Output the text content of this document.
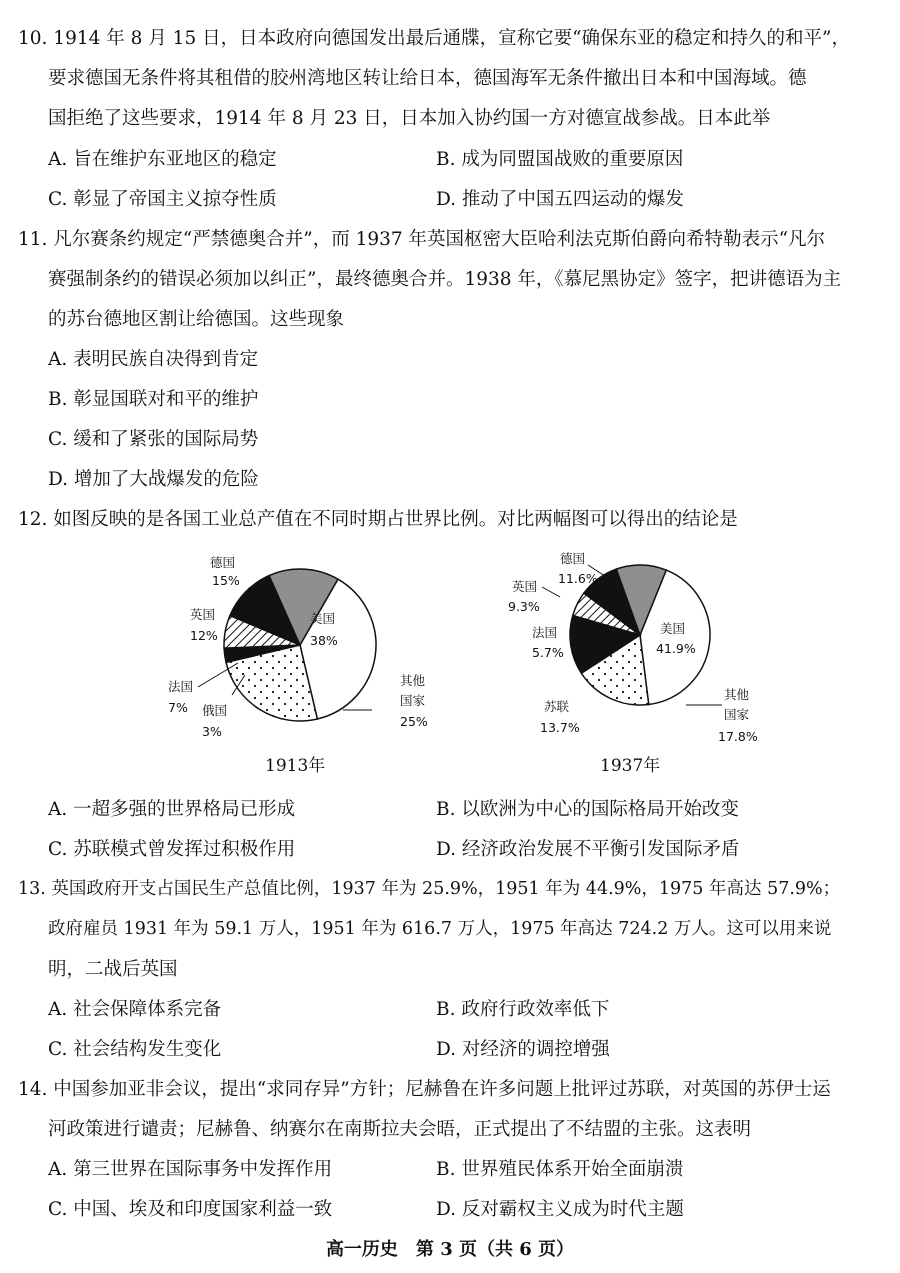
10. 1914 年 8 月 15 日，日本政府向德国发出最后通牒，宣称它要“确保东亚的稳定和持久的和平”，
要求德国无条件将其租借的胶州湾地区转让给日本，德国海军无条件撤出日本和中国海域。德
国拒绝了这些要求，1914 年 8 月 23 日，日本加入协约国一方对德宣战参战。日本此举
A. 旨在维护东亚地区的稳定	B. 成为同盟国战败的重要原因
C. 彰显了帝国主义掠夺性质	D. 推动了中国五四运动的爆发
11. 凡尔赛条约规定“严禁德奥合并”，而 1937 年英国枢密大臣哈利法克斯伯爵向希特勒表示“凡尔
赛强制条约的错误必须加以纠正”，最终德奥合并。1938 年，《慕尼黑协定》签字，把讲德语为主
的苏台德地区割让给德国。这些现象
A. 表明民族自决得到肯定
B. 彰显国联对和平的维护
C. 缓和了紧张的国际局势
D. 增加了大战爆发的危险
12. 如图反映的是各国工业总产值在不同时期占世界比例。对比两幅图可以得出的结论是
德国
15%
英国
12%
法国
7% 俄国
3%
美国
38%
其他
国家
25%
1913年
德国
11.6%
英国
9.3%
法国
5.7%
苏联
13.7%
美国
41.9%
其他
国家
17.8%
1937年
A. 一超多强的世界格局已形成	B. 以欧洲为中心的国际格局开始改变
C. 苏联模式曾发挥过积极作用	D. 经济政治发展不平衡引发国际矛盾
13. 英国政府开支占国民生产总值比例，1937 年为 25.9%，1951 年为 44.9%，1975 年高达 57.9%；
政府雇员 1931 年为 59.1 万人，1951 年为 616.7 万人，1975 年高达 724.2 万人。这可以用来说
明，二战后英国
A. 社会保障体系完备	B. 政府行政效率低下
C. 社会结构发生变化	D. 对经济的调控增强
14. 中国参加亚非会议，提出“求同存异”方针；尼赫鲁在许多问题上批评过苏联，对英国的苏伊士运
河政策进行谴责；尼赫鲁、纳赛尔在南斯拉夫会晤，正式提出了不结盟的主张。这表明
A. 第三世界在国际事务中发挥作用	B. 世界殖民体系开始全面崩溃
C. 中国、埃及和印度国家利益一致	D. 反对霸权主义成为时代主题
高一历史　第 3 页（共 6 页）
